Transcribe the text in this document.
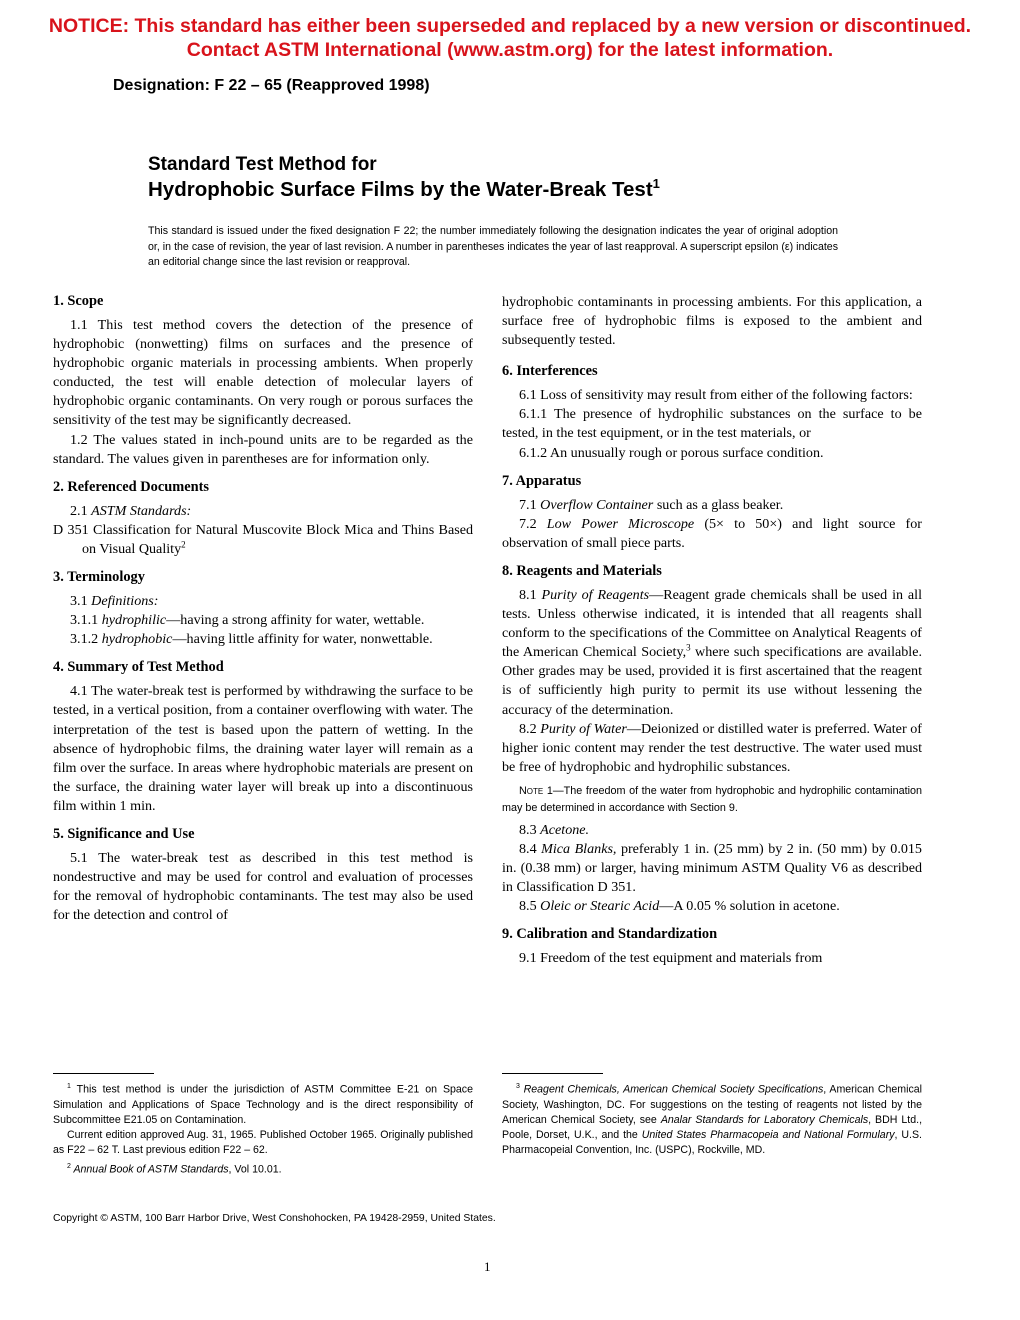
NOTICE: This standard has either been superseded and replaced by a new version or discontinued.
Contact ASTM International (www.astm.org) for the latest information.
Designation: F 22 – 65 (Reapproved 1998)
Standard Test Method for
Hydrophobic Surface Films by the Water-Break Test$^1$
This standard is issued under the fixed designation F 22; the number immediately following the designation indicates the year of original adoption or, in the case of revision, the year of last revision. A number in parentheses indicates the year of last reapproval. A superscript epsilon (ε) indicates an editorial change since the last revision or reapproval.
1. Scope

1.1 This test method covers the detection of the presence of hydrophobic (nonwetting) films on surfaces and the presence of hydrophobic organic materials in processing ambients. When properly conducted, the test will enable detection of molecular layers of hydrophobic organic contaminants. On very rough or porous surfaces the sensitivity of the test may be significantly decreased.

1.2 The values stated in inch-pound units are to be regarded as the standard. The values given in parentheses are for information only.

2. Referenced Documents

2.1 ASTM Standards:

D 351 Classification for Natural Muscovite Block Mica and Thins Based on Visual Quality$^2$

3. Terminology

3.1 Definitions:

3.1.1 hydrophilic—having a strong affinity for water, wettable.

3.1.2 hydrophobic—having little affinity for water, nonwettable.

4. Summary of Test Method

4.1 The water-break test is performed by withdrawing the surface to be tested, in a vertical position, from a container overflowing with water. The interpretation of the test is based upon the pattern of wetting. In the absence of hydrophobic films, the draining water layer will remain as a film over the surface. In areas where hydrophobic materials are present on the surface, the draining water layer will break up into a discontinuous film within 1 min.

5. Significance and Use

5.1 The water-break test as described in this test method is nondestructive and may be used for control and evaluation of processes for the removal of hydrophobic contaminants. The test may also be used for the detection and control of

hydrophobic contaminants in processing ambients. For this application, a surface free of hydrophobic films is exposed to the ambient and subsequently tested.

6. Interferences

6.1 Loss of sensitivity may result from either of the following factors:

6.1.1 The presence of hydrophilic substances on the surface to be tested, in the test equipment, or in the test materials, or

6.1.2 An unusually rough or porous surface condition.

7. Apparatus

7.1 Overflow Container such as a glass beaker.

7.2 Low Power Microscope (5× to 50×) and light source for observation of small piece parts.

8. Reagents and Materials

8.1 Purity of Reagents—Reagent grade chemicals shall be used in all tests. Unless otherwise indicated, it is intended that all reagents shall conform to the specifications of the Committee on Analytical Reagents of the American Chemical Society,$^3$ where such specifications are available. Other grades may be used, provided it is first ascertained that the reagent is of sufficiently high purity to permit its use without lessening the accuracy of the determination.

8.2 Purity of Water—Deionized or distilled water is preferred. Water of higher ionic content may render the test destructive. The water used must be free of hydrophobic and hydrophilic substances.

Note 1—The freedom of the water from hydrophobic and hydrophilic contamination may be determined in accordance with Section 9.

8.3 Acetone.

8.4 Mica Blanks, preferably 1 in. (25 mm) by 2 in. (50 mm) by 0.015 in. (0.38 mm) or larger, having minimum ASTM Quality V6 as described in Classification D 351.

8.5 Oleic or Stearic Acid—A 0.05 % solution in acetone.

9. Calibration and Standardization

9.1 Freedom of the test equipment and materials from

$^1$ This test method is under the jurisdiction of ASTM Committee E-21 on Space Simulation and Applications of Space Technology and is the direct responsibility of Subcommittee E21.05 on Contamination.

Current edition approved Aug. 31, 1965. Published October 1965. Originally published as F22 – 62 T. Last previous edition F22 – 62.

$^2$ Annual Book of ASTM Standards, Vol 10.01.

$^3$ Reagent Chemicals, American Chemical Society Specifications, American Chemical Society, Washington, DC. For suggestions on the testing of reagents not listed by the American Chemical Society, see Analar Standards for Laboratory Chemicals, BDH Ltd., Poole, Dorset, U.K., and the United States Pharmacopeia and National Formulary, U.S. Pharmacopeial Convention, Inc. (USPC), Rockville, MD.

Copyright © ASTM, 100 Barr Harbor Drive, West Conshohocken, PA 19428-2959, United States.
1
